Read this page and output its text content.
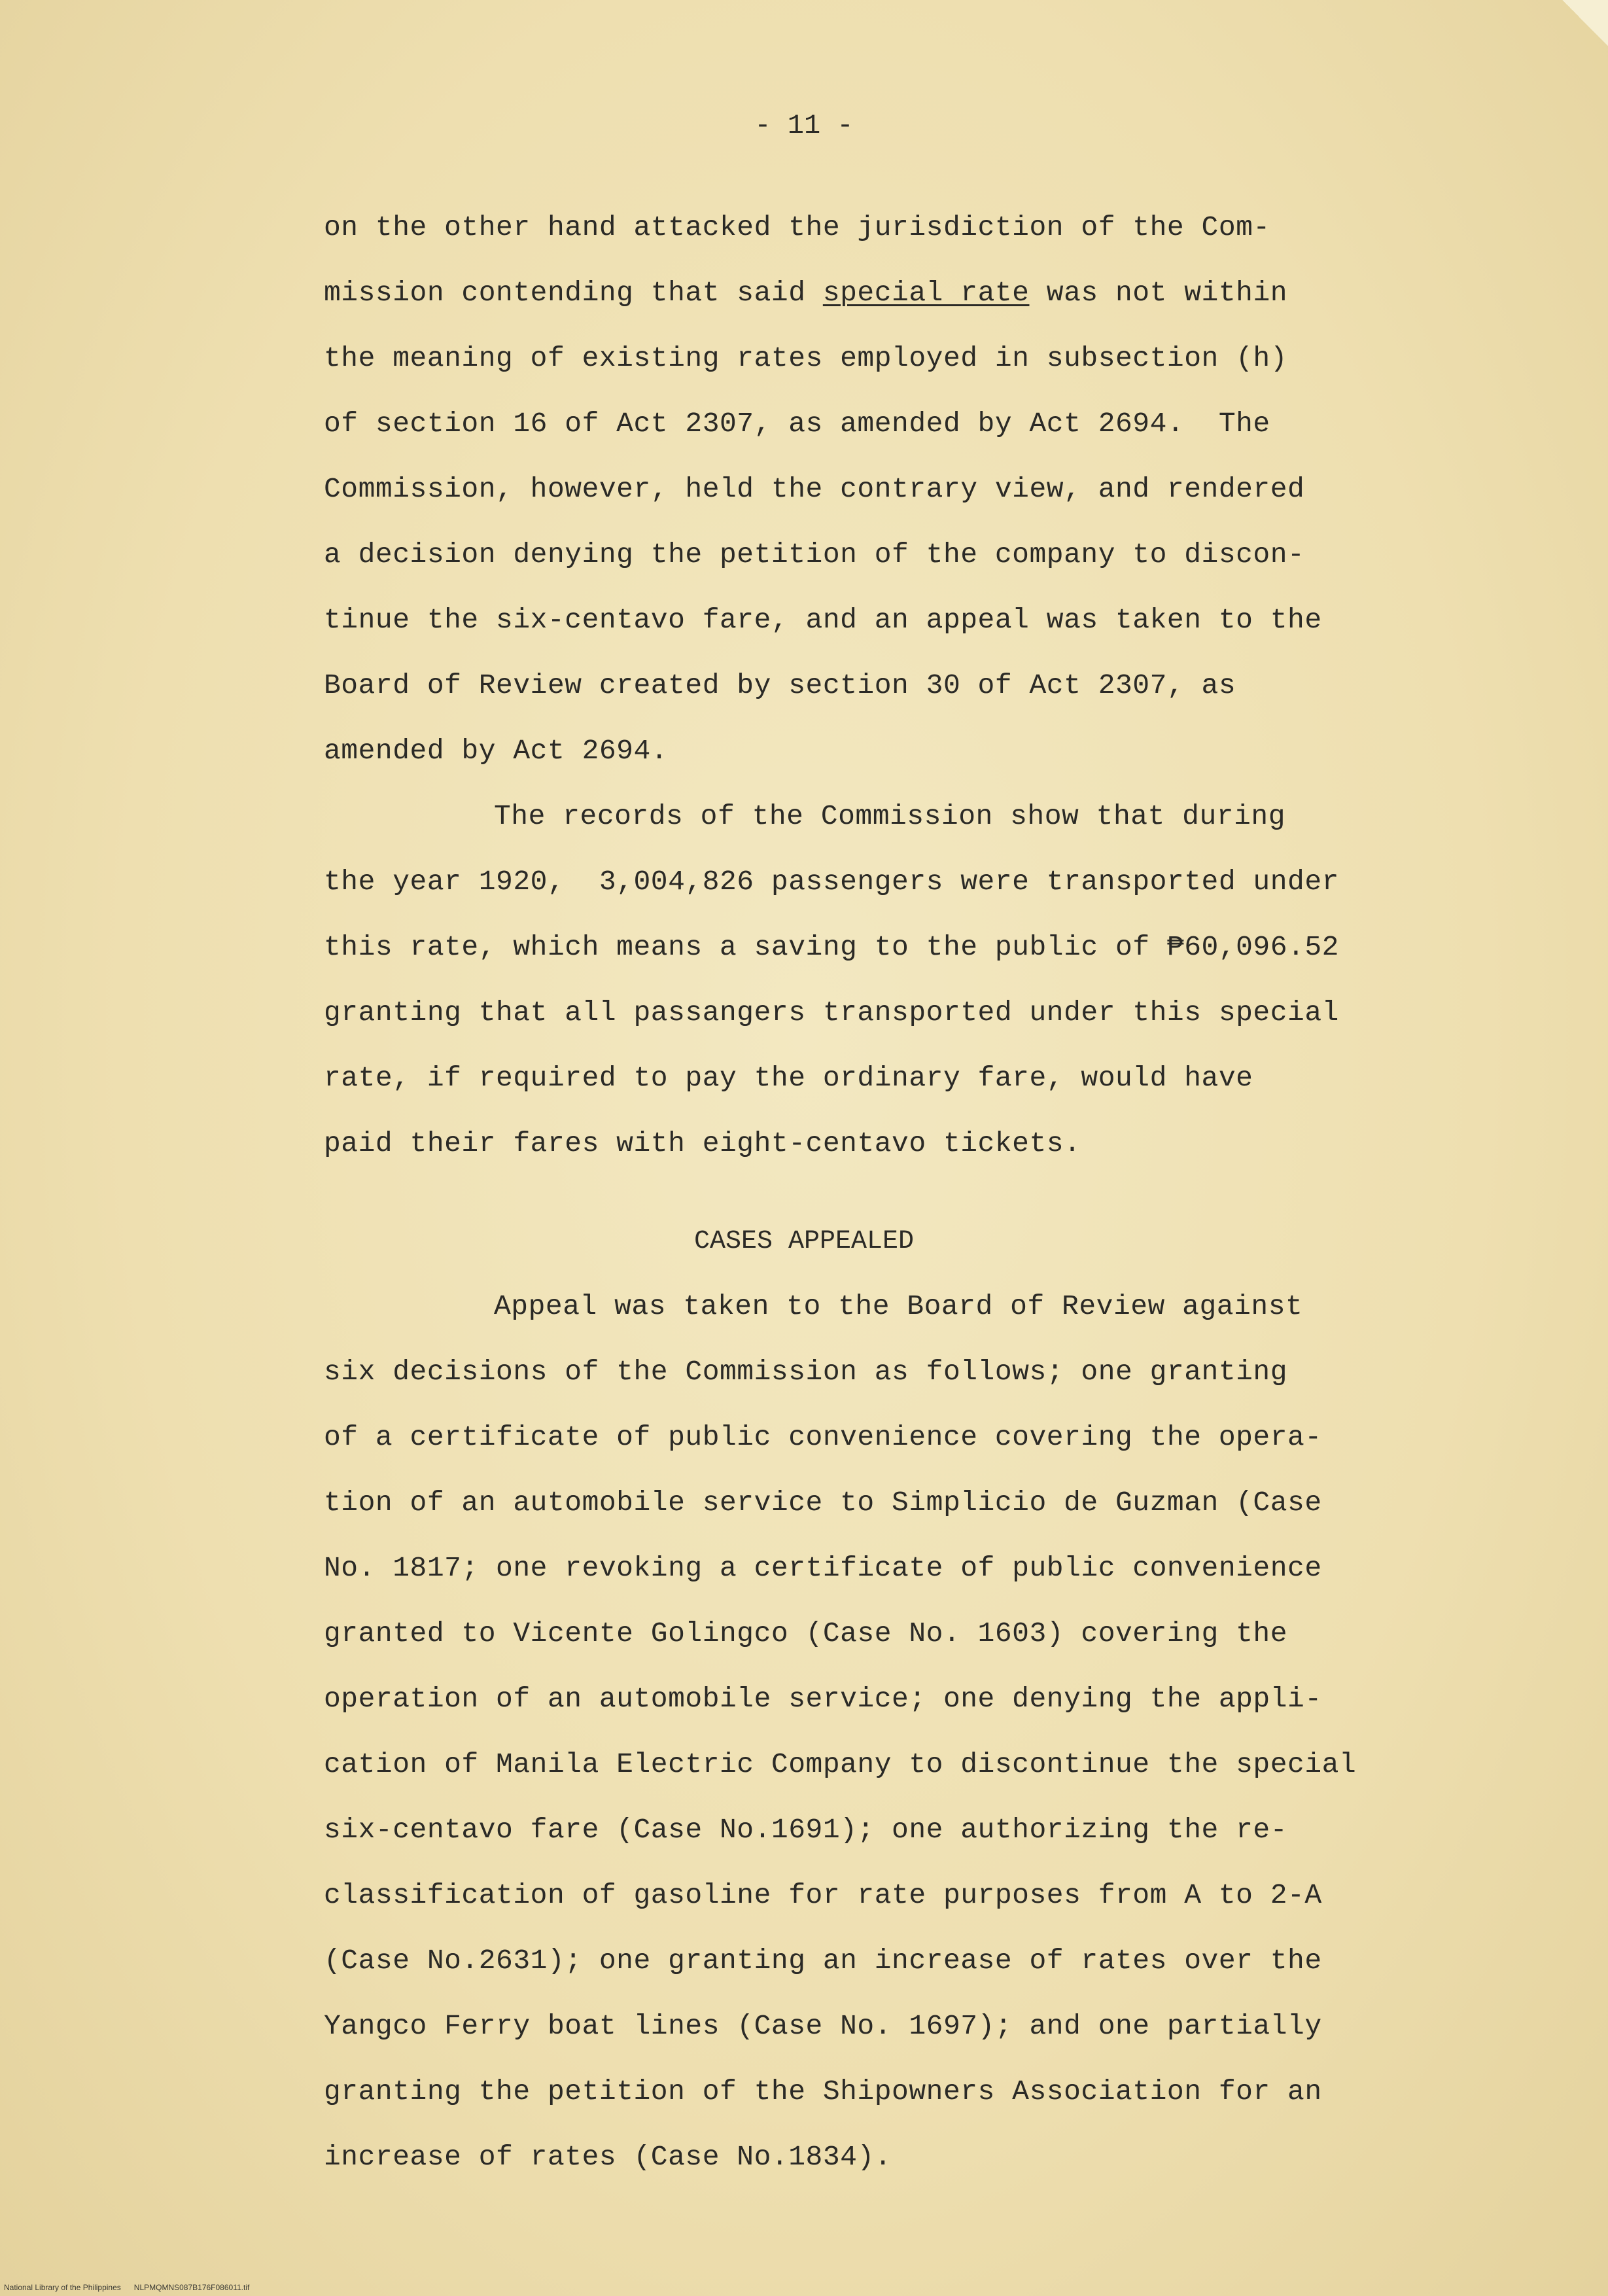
- 11 -
on the other hand attacked the jurisdiction of the Com-
mission contending that said special rate was not within
the meaning of existing rates employed in subsection (h)
of section 16 of Act 2307, as amended by Act 2694.  The
Commission, however, held the contrary view, and rendered
a decision denying the petition of the company to discon-
tinue the six-centavo fare, and an appeal was taken to the
Board of Review created by section 30 of Act 2307, as
amended by Act 2694.
The records of the Commission show that during
the year 1920,  3,004,826 passengers were transported under
this rate, which means a saving to the public of ₱60,096.52
granting that all passangers transported under this special
rate, if required to pay the ordinary fare, would have
paid their fares with eight-centavo tickets.
CASES APPEALED
Appeal was taken to the Board of Review against
six decisions of the Commission as follows; one granting
of a certificate of public convenience covering the opera-
tion of an automobile service to Simplicio de Guzman (Case
No. 1817; one revoking a certificate of public convenience
granted to Vicente Golingco (Case No. 1603) covering the
operation of an automobile service; one denying the appli-
cation of Manila Electric Company to discontinue the special
six-centavo fare (Case No.1691); one authorizing the re-
classification of gasoline for rate purposes from A to 2-A
(Case No.2631); one granting an increase of rates over the
Yangco Ferry boat lines (Case No. 1697); and one partially
granting the petition of the Shipowners Association for an
increase of rates (Case No.1834).
National Library of the Philippines NLPMQMNS087B176F086011.tif
